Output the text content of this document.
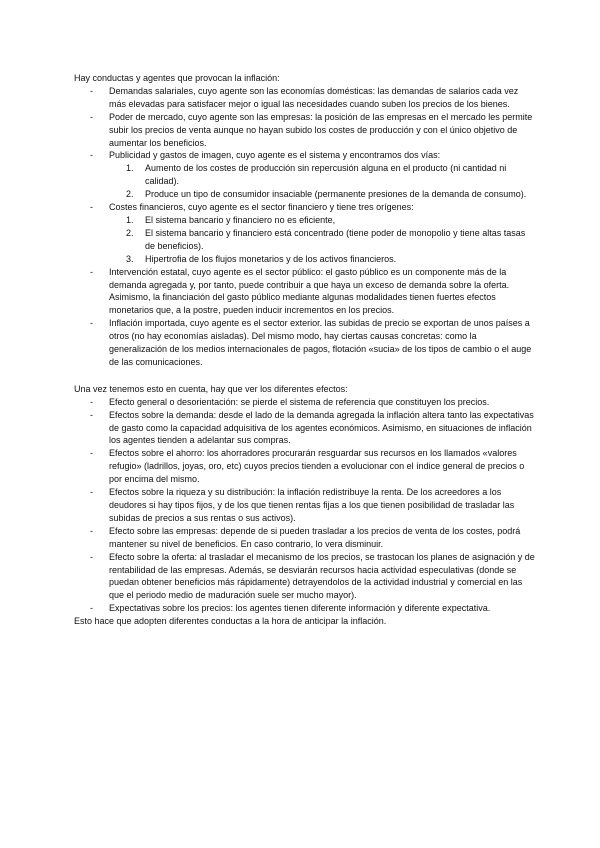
Hay conductas y agentes que provocan la inflación:

- Demandas salariales, cuyo agente son las economías domésticas: las demandas de salarios cada vez más elevadas para satisfacer mejor o igual las necesidades cuando suben los precios de los bienes.
- Poder de mercado, cuyo agente son las empresas: la posición de las empresas en el mercado les permite subir los precios de venta aunque no hayan subido los costes de producción y con el único objetivo de aumentar los beneficios.
- Publicidad y gastos de imagen, cuyo agente es el sistema y encontramos dos vías:
1. Aumento de los costes de producción sin repercusión alguna en el producto (ni cantidad ni calidad).
2. Produce un tipo de consumidor insaciable (permanente presiones de la demanda de consumo).
- Costes financieros, cuyo agente es el sector financiero y tiene tres orígenes:
1. El sistema bancario y financiero no es eficiente,
2. El sistema bancario y financiero está concentrado (tiene poder de monopolio y tiene altas tasas de beneficios).
3. Hipertrofia de los flujos monetarios y de los activos financieros.
- Intervención estatal, cuyo agente es el sector público: el gasto público es un componente más de la demanda agregada y, por tanto, puede contribuir a que haya un exceso de demanda sobre la oferta. Asimismo, la financiación del gasto público mediante algunas modalidades tienen fuertes efectos monetarios que, a la postre, pueden inducir incrementos en los precios.
- Inflación importada, cuyo agente es el sector exterior. las subidas de precio se exportan de unos países a otros (no hay economías aisladas). Del mismo modo, hay ciertas causas concretas: como la generalización de los medios internacionales de pagos, flotación «sucia» de los tipos de cambio o el auge de las comunicaciones.

Una vez tenemos esto en cuenta, hay que ver los diferentes efectos:

- Efecto general o desorientación: se pierde el sistema de referencia que constituyen los precios.
- Efectos sobre la demanda: desde el lado de la demanda agregada la inflación altera tanto las expectativas de gasto como la capacidad adquisitiva de los agentes económicos. Asimismo, en situaciones de inflación los agentes tienden a adelantar sus compras.
- Efectos sobre el ahorro: los ahorradores procurarán resguardar sus recursos en los llamados «valores refugio» (ladrillos, joyas, oro, etc) cuyos precios tienden a evolucionar con el índice general de precios o por encima del mismo.
- Efectos sobre la riqueza y su distribución: la inflación redistribuye la renta. De los acreedores a los deudores si hay tipos fijos, y de los que tienen rentas fijas a los que tienen posibilidad de trasladar las subidas de precios a sus rentas o sus activos).
- Efecto sobre las empresas: depende de si pueden trasladar a los precios de venta de los costes, podrá mantener su nivel de beneficios. En caso contrario, lo vera disminuir.
- Efecto sobre la oferta: al trasladar el mecanismo de los precios, se trastocan los planes de asignación y de rentabilidad de las empresas. Además, se desviarán recursos hacia actividad especulativas (donde se puedan obtener beneficios más rápidamente) detrayendolos de la actividad industrial y comercial en las que el periodo medio de maduración suele ser mucho mayor).
- Expectativas sobre los precios: los agentes tienen diferente información y diferente expectativa.

Esto hace que adopten diferentes conductas a la hora de anticipar la inflación.
